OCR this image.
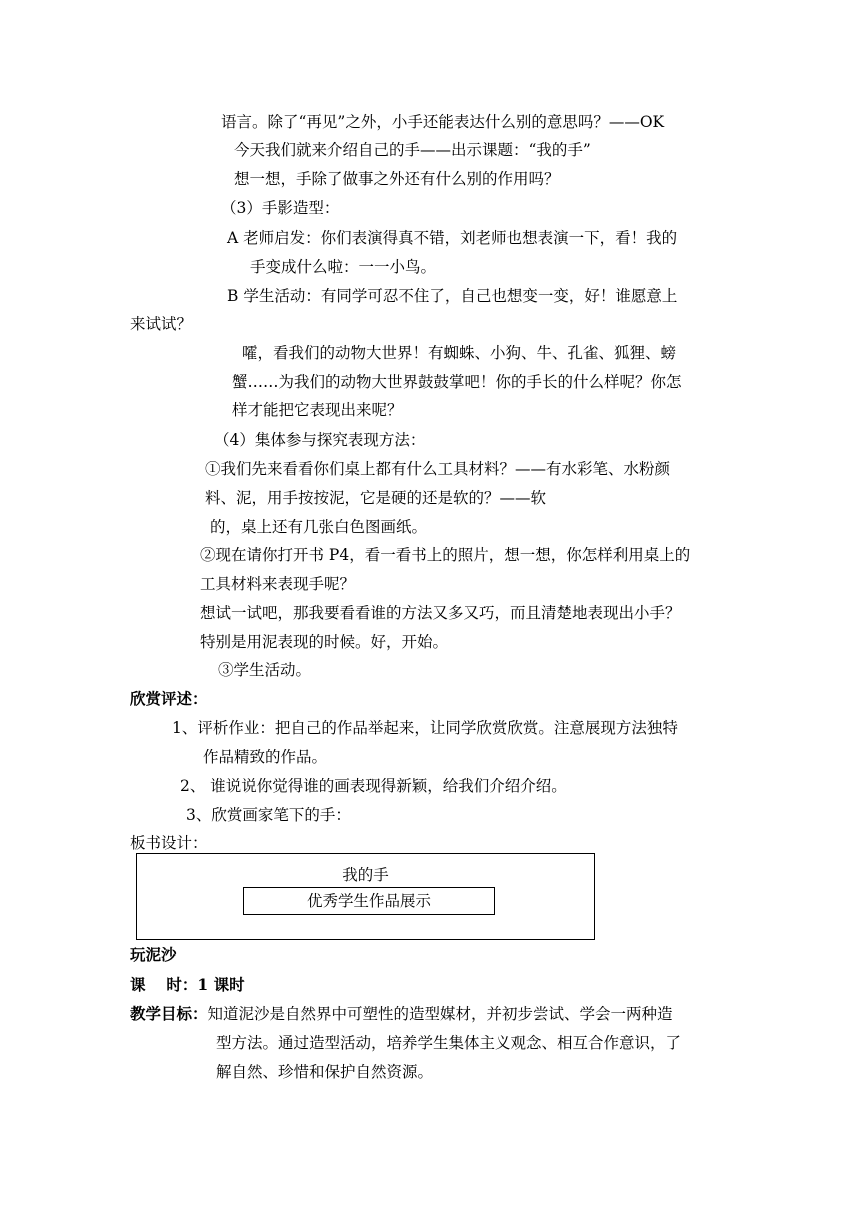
语言。除了“再见”之外，小手还能表达什么别的意思吗？——OK

今天我们就来介绍自己的手——出示课题：“我的手”

想一想，手除了做事之外还有什么别的作用吗？

（3）手影造型：

A 老师启发：你们表演得真不错，刘老师也想表演一下，看！我的

手变成什么啦：一一小鸟。

B 学生活动：有同学可忍不住了，自己也想变一变，好！谁愿意上

来试试？

嚯，看我们的动物大世界！有蜘蛛、小狗、牛、孔雀、狐狸、螃

蟹……为我们的动物大世界鼓鼓掌吧！你的手长的什么样呢？你怎

样才能把它表现出来呢？

（4）集体参与探究表现方法：

①我们先来看看你们桌上都有什么工具材料？——有水彩笔、水粉颜

料、泥，用手按按泥，它是硬的还是软的？——软

的，桌上还有几张白色图画纸。

②现在请你打开书 P4，看一看书上的照片，想一想，你怎样利用桌上的

工具材料来表现手呢？

想试一试吧，那我要看看谁的方法又多又巧，而且清楚地表现出小手？

特别是用泥表现的时候。好，开始。

③学生活动。

欣赏评述：

1、评析作业：把自己的作品举起来，让同学欣赏欣赏。注意展现方法独特

作品精致的作品。

2、 谁说说你觉得谁的画表现得新颖，给我们介绍介绍。

3、欣赏画家笔下的手：

板书设计：

我的手
优秀学生作品展示

玩泥沙

课　 时：1 课时

教学目标：知道泥沙是自然界中可塑性的造型媒材，并初步尝试、学会一两种造

型方法。通过造型活动，培养学生集体主义观念、相互合作意识，了

解自然、珍惜和保护自然资源。
